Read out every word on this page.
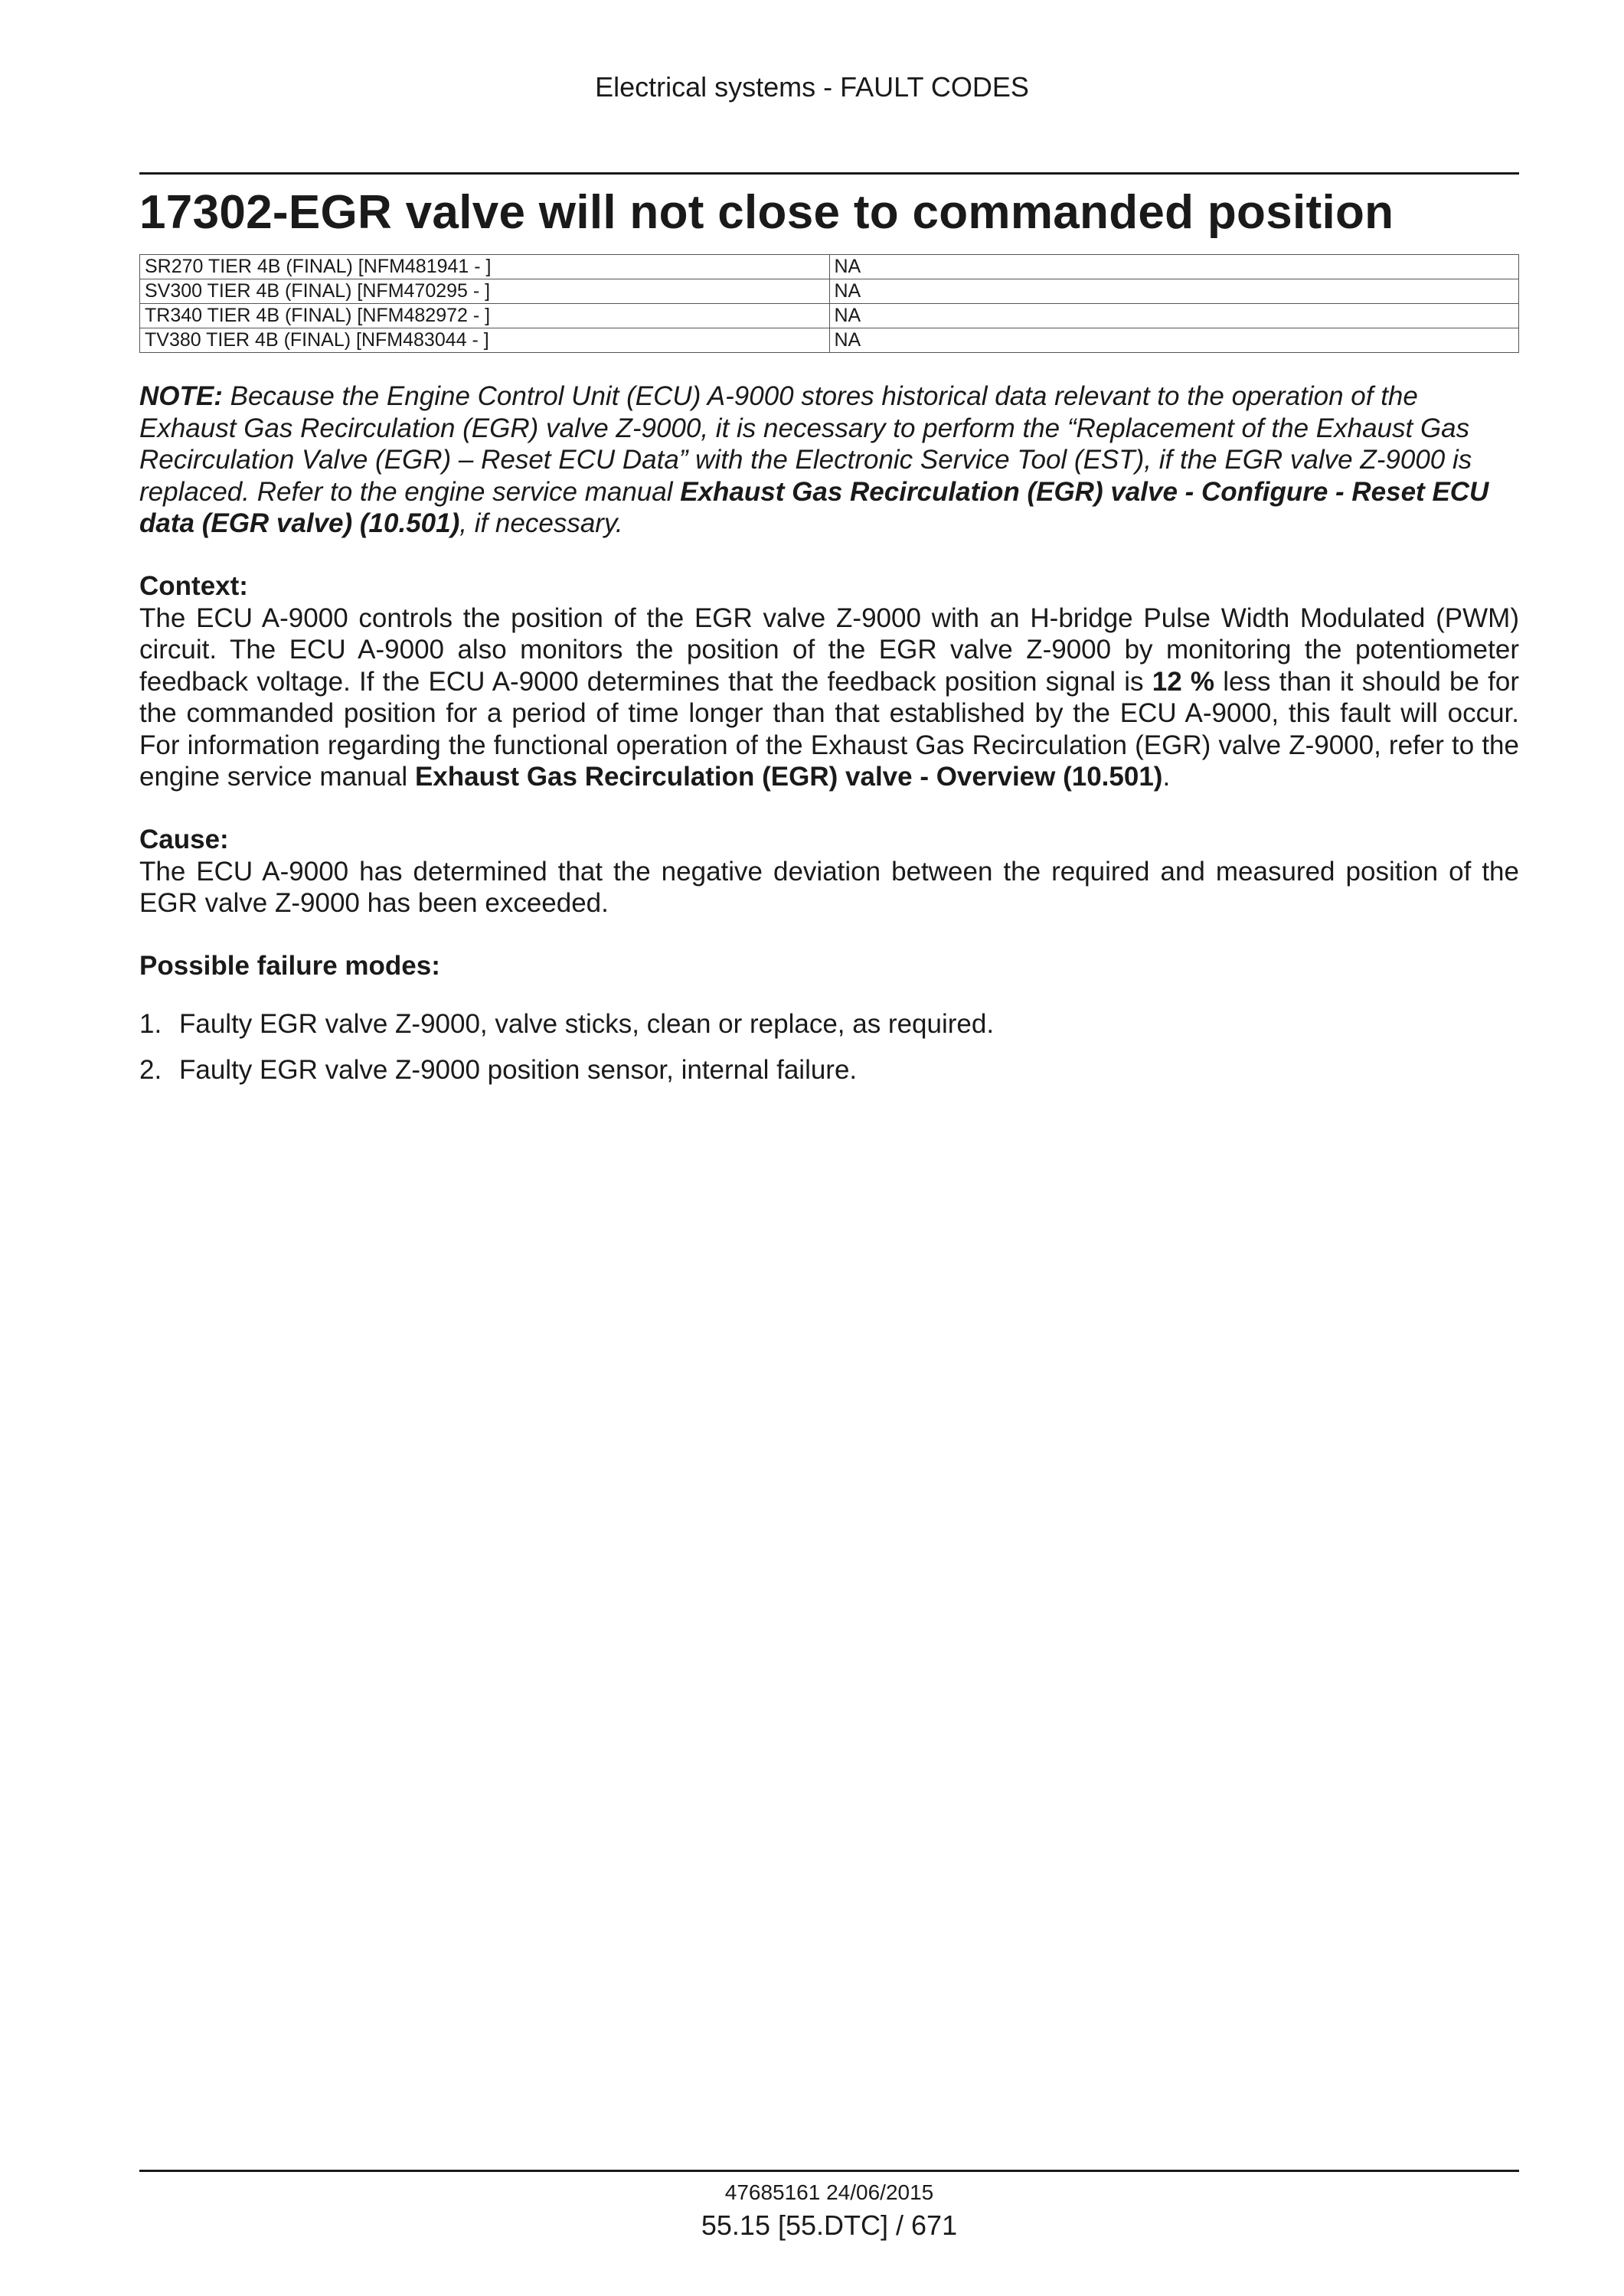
Electrical systems - FAULT CODES
17302-EGR valve will not close to commanded position
SR270 TIER 4B (FINAL) [NFM481941 - ]	NA
SV300 TIER 4B (FINAL) [NFM470295 - ]	NA
TR340 TIER 4B (FINAL) [NFM482972 - ]	NA
TV380 TIER 4B (FINAL) [NFM483044 - ]	NA
NOTE: Because the Engine Control Unit (ECU) A-9000 stores historical data relevant to the operation of the Exhaust Gas Recirculation (EGR) valve Z-9000, it is necessary to perform the “Replacement of the Exhaust Gas Recirculation Valve (EGR) – Reset ECU Data” with the Electronic Service Tool (EST), if the EGR valve Z-9000 is replaced. Refer to the engine service manual Exhaust Gas Recirculation (EGR) valve - Configure - Reset ECU data (EGR valve) (10.501), if necessary.
Context:
The ECU A-9000 controls the position of the EGR valve Z-9000 with an H-bridge Pulse Width Modulated (PWM) circuit. The ECU A-9000 also monitors the position of the EGR valve Z-9000 by monitoring the potentiometer feedback voltage. If the ECU A-9000 determines that the feedback position signal is 12 % less than it should be for the commanded position for a period of time longer than that established by the ECU A-9000, this fault will occur. For information regarding the functional operation of the Exhaust Gas Recirculation (EGR) valve Z-9000, refer to the engine service manual Exhaust Gas Recirculation (EGR) valve - Overview (10.501).
Cause:
The ECU A-9000 has determined that the negative deviation between the required and measured position of the EGR valve Z-9000 has been exceeded.
Possible failure modes:
1. Faulty EGR valve Z-9000, valve sticks, clean or replace, as required.
2. Faulty EGR valve Z-9000 position sensor, internal failure.
47685161 24/06/2015
55.15 [55.DTC] / 671
